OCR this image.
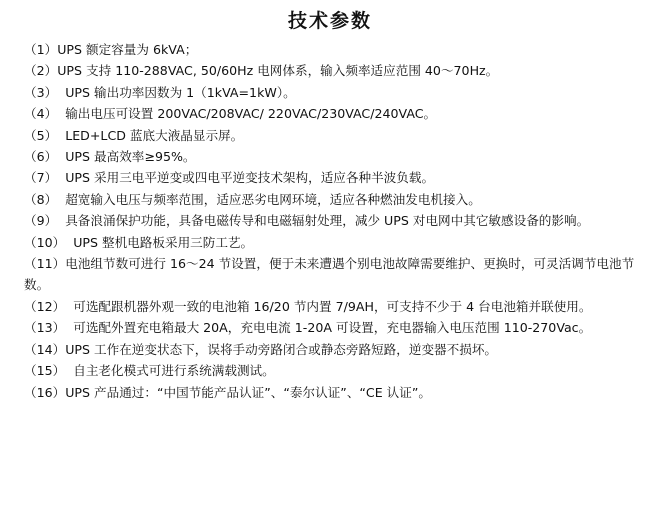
技术参数
（1）UPS 额定容量为 6kVA；
（2）UPS 支持 110-288VAC, 50/60Hz 电网体系，输入频率适应范围 40～70Hz。
（3） UPS 输出功率因数为 1（1kVA=1kW）。
（4） 输出电压可设置 200VAC/208VAC/ 220VAC/230VAC/240VAC。
（5） LED+LCD 蓝底大液晶显示屏。
（6） UPS 最高效率≥95%。
（7） UPS 采用三电平逆变或四电平逆变技术架构，适应各种半波负载。
（8） 超宽输入电压与频率范围，适应恶劣电网环境，适应各种燃油发电机接入。
（9） 具备浪涌保护功能，具备电磁传导和电磁辐射处理，减少 UPS 对电网中其它敏感设备的影响。
（10） UPS 整机电路板采用三防工艺。
（11）电池组节数可进行 16～24 节设置，便于未来遭遇个别电池故障需要维护、更换时，可灵活调节电池节数。
（12） 可选配跟机器外观一致的电池箱 16/20 节内置 7/9AH，可支持不少于 4 台电池箱并联使用。
（13） 可选配外置充电箱最大 20A，充电电流 1-20A 可设置，充电器输入电压范围 110-270Vac。
（14）UPS 工作在逆变状态下，误将手动旁路闭合或静态旁路短路，逆变器不损坏。
（15） 自主老化模式可进行系统满载测试。
（16）UPS 产品通过：“中国节能产品认证”、“泰尔认证”、“CE 认证”。
